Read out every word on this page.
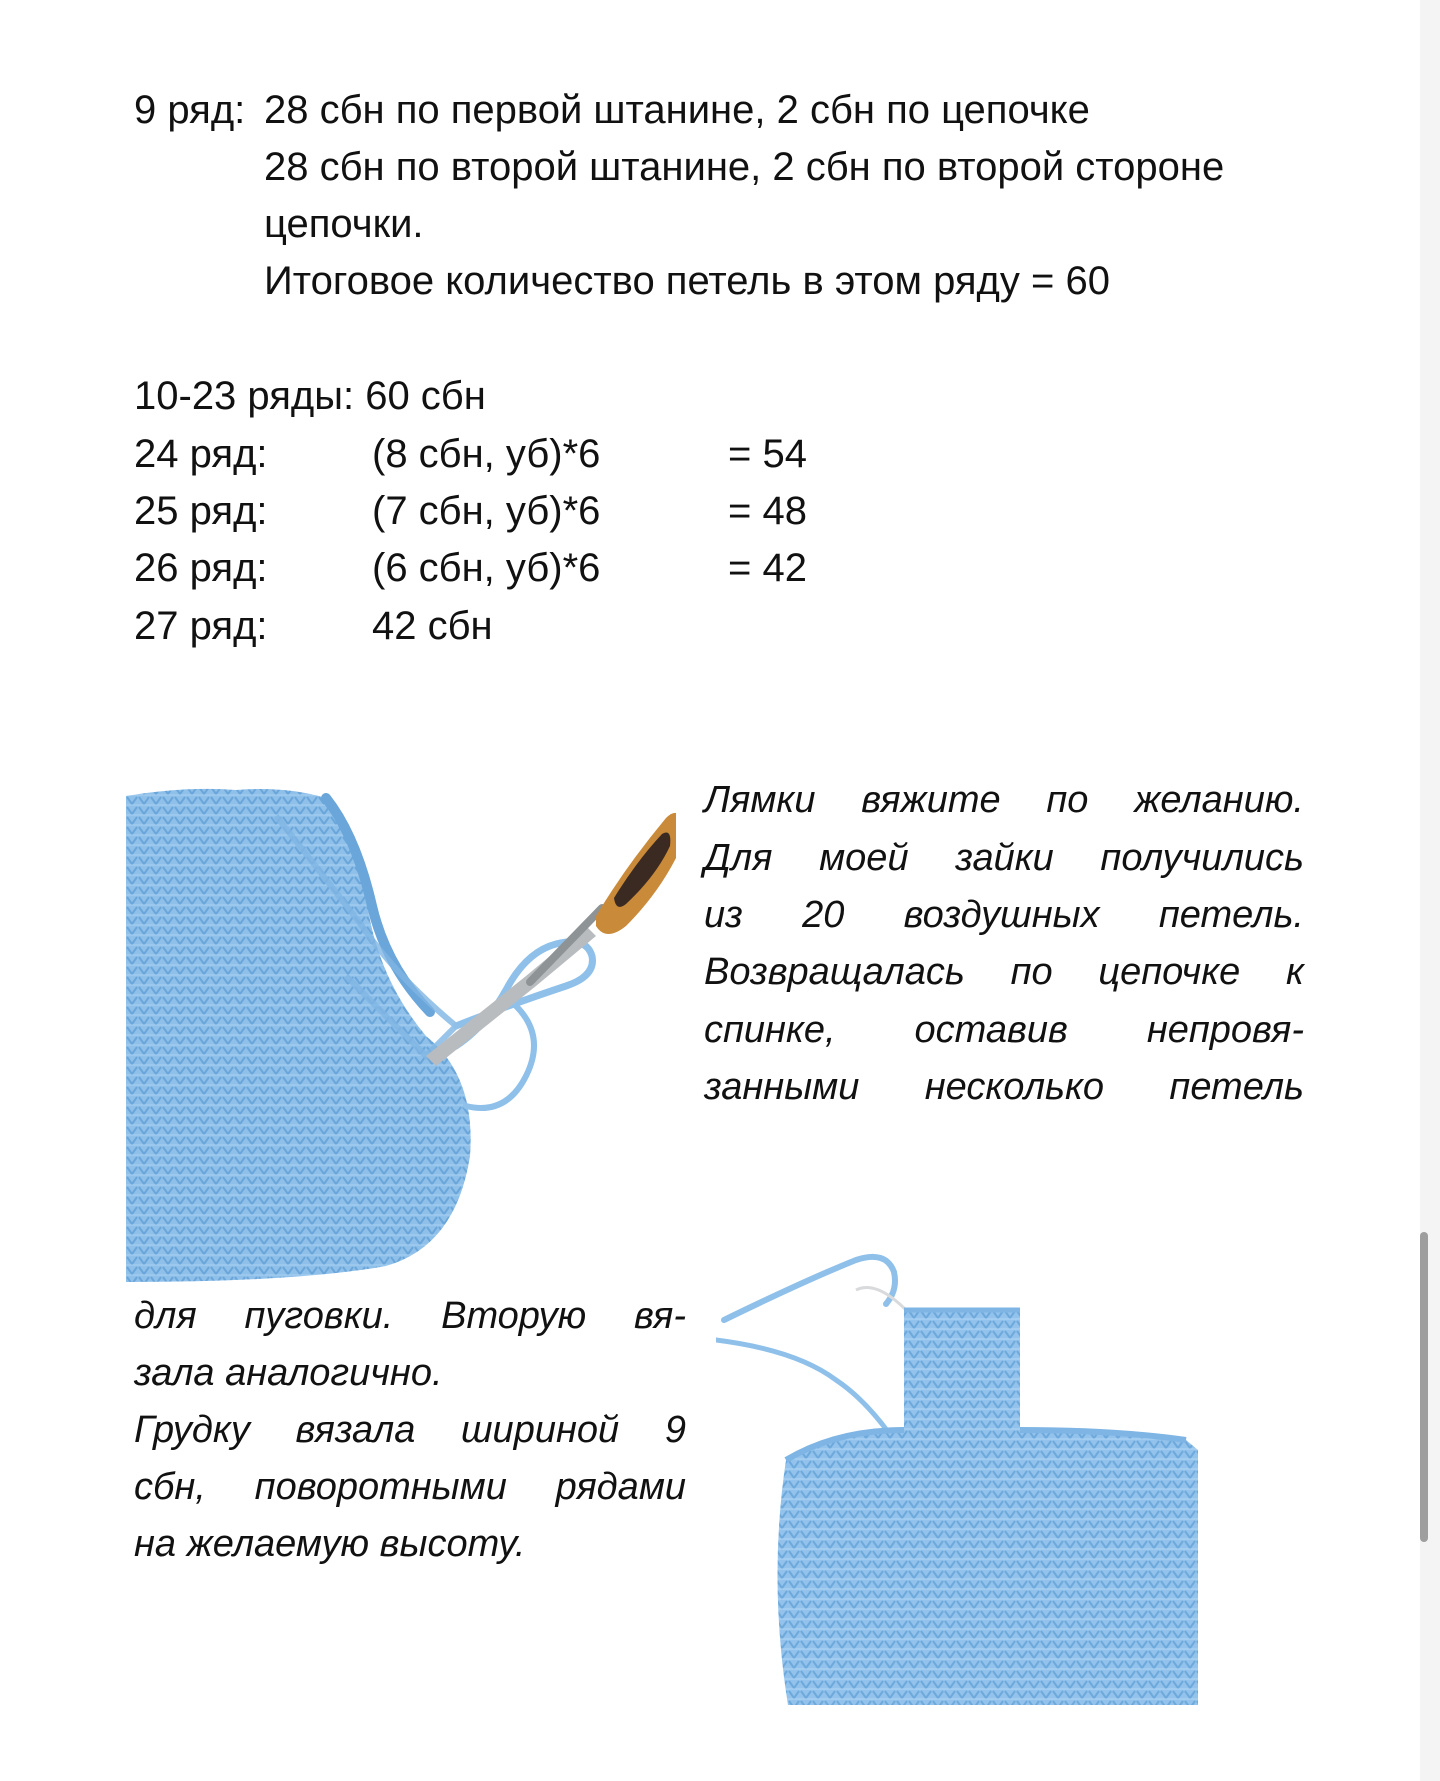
9 ряд: 28 сбн по первой штанине, 2 сбн по цепочке
28 сбн по второй штанине, 2 сбн по второй стороне
цепочки.
Итоговое количество петель в этом ряду = 60
10-23 ряды: 60 сбн
24 ряд:	(8 сбн, уб)*6	= 54
25 ряд:	(7 сбн, уб)*6	= 48
26 ряд:	(6 сбн, уб)*6	= 42
27 ряд:	42 сбн
Лямки вяжите по желанию.
Для моей зайки получились
из 20 воздушных петель.
Возвращалась по цепочке к
спинке, оставив непровя-
занными несколько петель
для пуговки. Вторую вя-
зала аналогично.
Грудку вязала шириной 9
сбн, поворотными рядами
на желаемую высоту.
